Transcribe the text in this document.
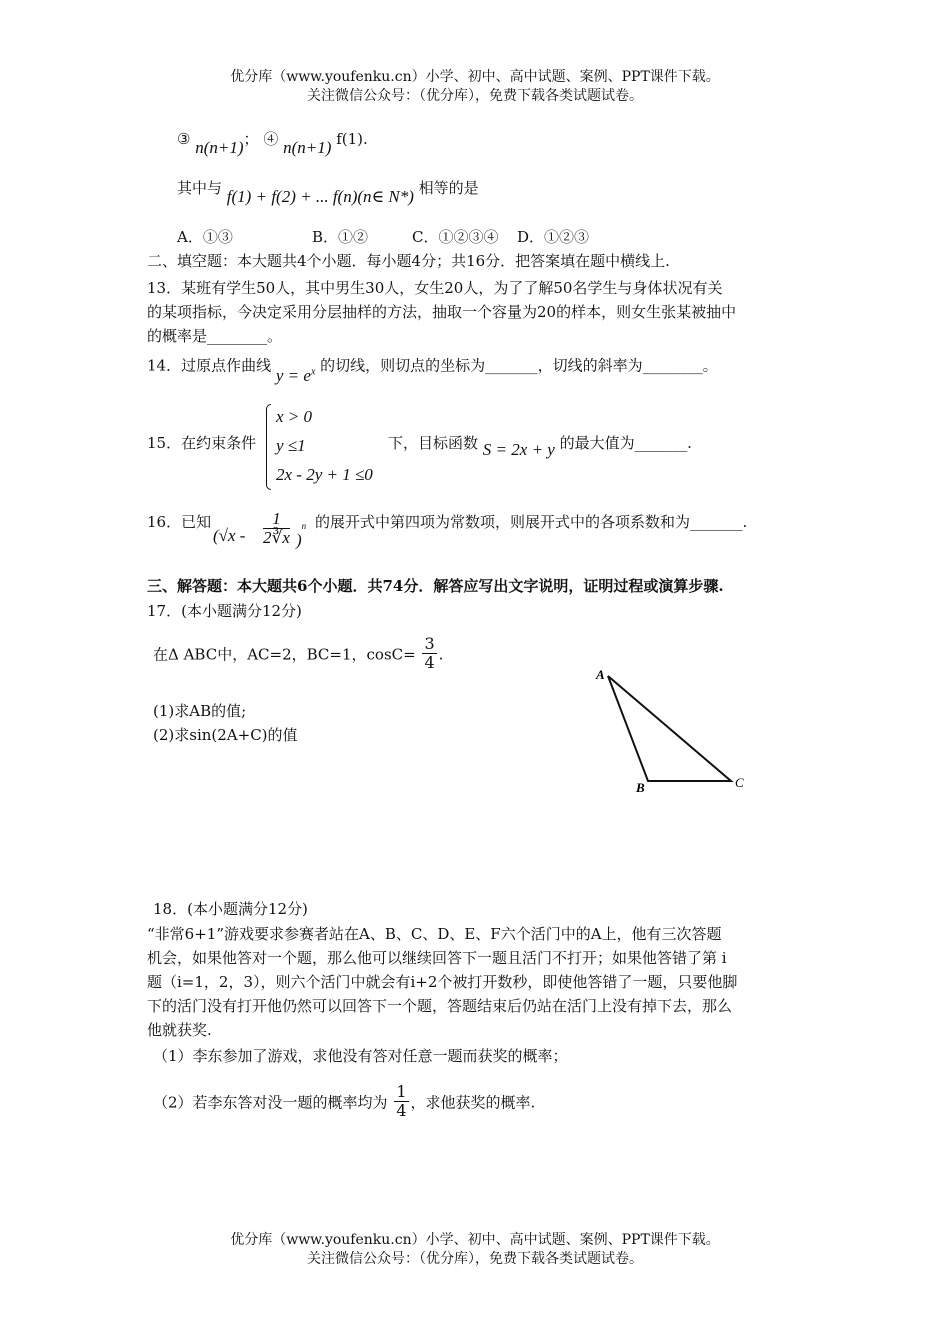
优分库（www.youfenku.cn）小学、初中、高中试题、案例、PPT课件下载。
关注微信公众号：（优分库），免费下载各类试题试卷。
③ n(n+1)； ④ n(n+1) f(1).
其中与 f(1) + f(2) + ... f(n)(n∈ N*) 相等的是
A．①③	B．①②	C．①②③④ D．①②③
二、填空题：本大题共4个小题．每小题4分；共16分．把答案填在题中横线上.
13．某班有学生50人，其中男生30人，女生20人，为了了解50名学生与身体状况有关
的某项指标，今决定采用分层抽样的方法，抽取一个容量为20的样本，则女生张某被抽中
的概率是________。
14．过原点作曲线 $y = e^x$ 的切线，则切点的坐标为_______，切线的斜率为________。
15．在约束条件
x > 0
y ≤1
2x - 2y + 1 ≤0
下，目标函数 S = 2x + y 的最大值为_______.
16．已知
$(√x - \frac{1}{2∛x} )^n$ 的展开式中第四项为常数项，则展开式中的各项系数和为_______.
三、解答题：本大题共6个小题．共74分．解答应写出文字说明，证明过程或演算步骤.
17．(本小题满分12分)
在Δ ABC中，AC=2，BC=1，$\cos C= \frac{3}{4}$ .
(1)求AB的值;
(2)求sin(2A+C)的值
A
B	C
18．(本小题满分12分)
“非常6+1”游戏要求参赛者站在A、B、C、D、E、F六个活门中的A上，他有三次答题
机会，如果他答对一个题，那么他可以继续回答下一题且活门不打开；如果他答错了第 i
题（i=1，2，3），则六个活门中就会有i+2个被打开数秒，即使他答错了一题，只要他脚
下的活门没有打开他仍然可以回答下一个题，答题结束后仍站在活门上没有掉下去，那么
他就获奖.
（1）李东参加了游戏，求他没有答对任意一题而获奖的概率；
（2）若李东答对没一题的概率均为 $\frac{1}{4}$ ，求他获奖的概率.
优分库（www.youfenku.cn）小学、初中、高中试题、案例、PPT课件下载。
关注微信公众号：（优分库），免费下载各类试题试卷。
